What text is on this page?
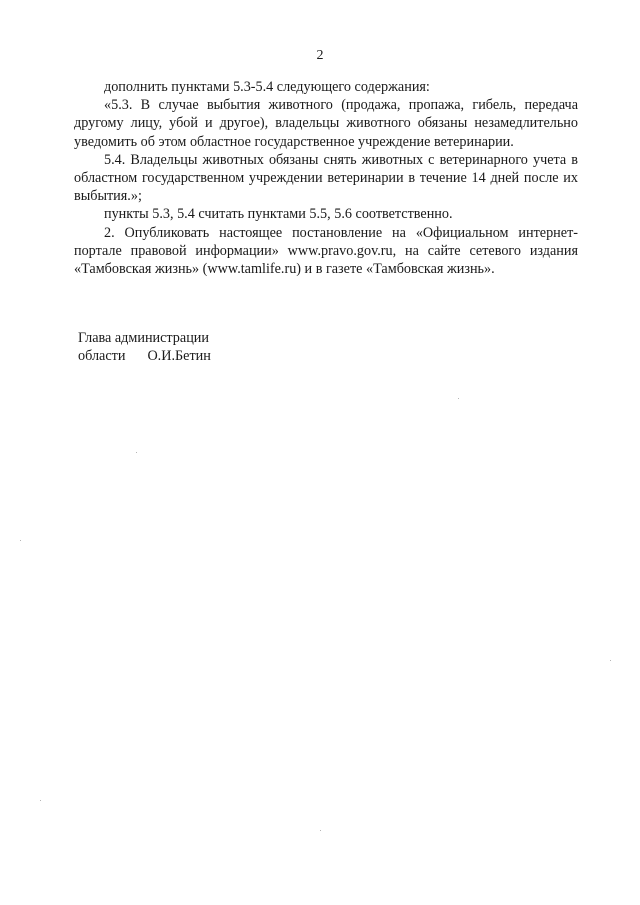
2

дополнить пунктами 5.3-5.4 следующего содержания:

«5.3. В случае выбытия животного (продажа, пропажа, гибель, передача другому лицу, убой и другое), владельцы животного обязаны незамедлительно уведомить об этом областное государственное учреждение ветеринарии.

5.4. Владельцы животных обязаны снять животных с ветеринарного учета в областном государственном учреждении ветеринарии в течение 14 дней после их выбытия.»;

пункты 5.3, 5.4 считать пунктами 5.5, 5.6 соответственно.

2. Опубликовать настоящее постановление на «Официальном интернет-портале правовой информации» www.pravo.gov.ru, на сайте сетевого издания «Тамбовская жизнь» (www.tamlife.ru) и в газете «Тамбовская жизнь».

Глава администрации
области О.И.Бетин
